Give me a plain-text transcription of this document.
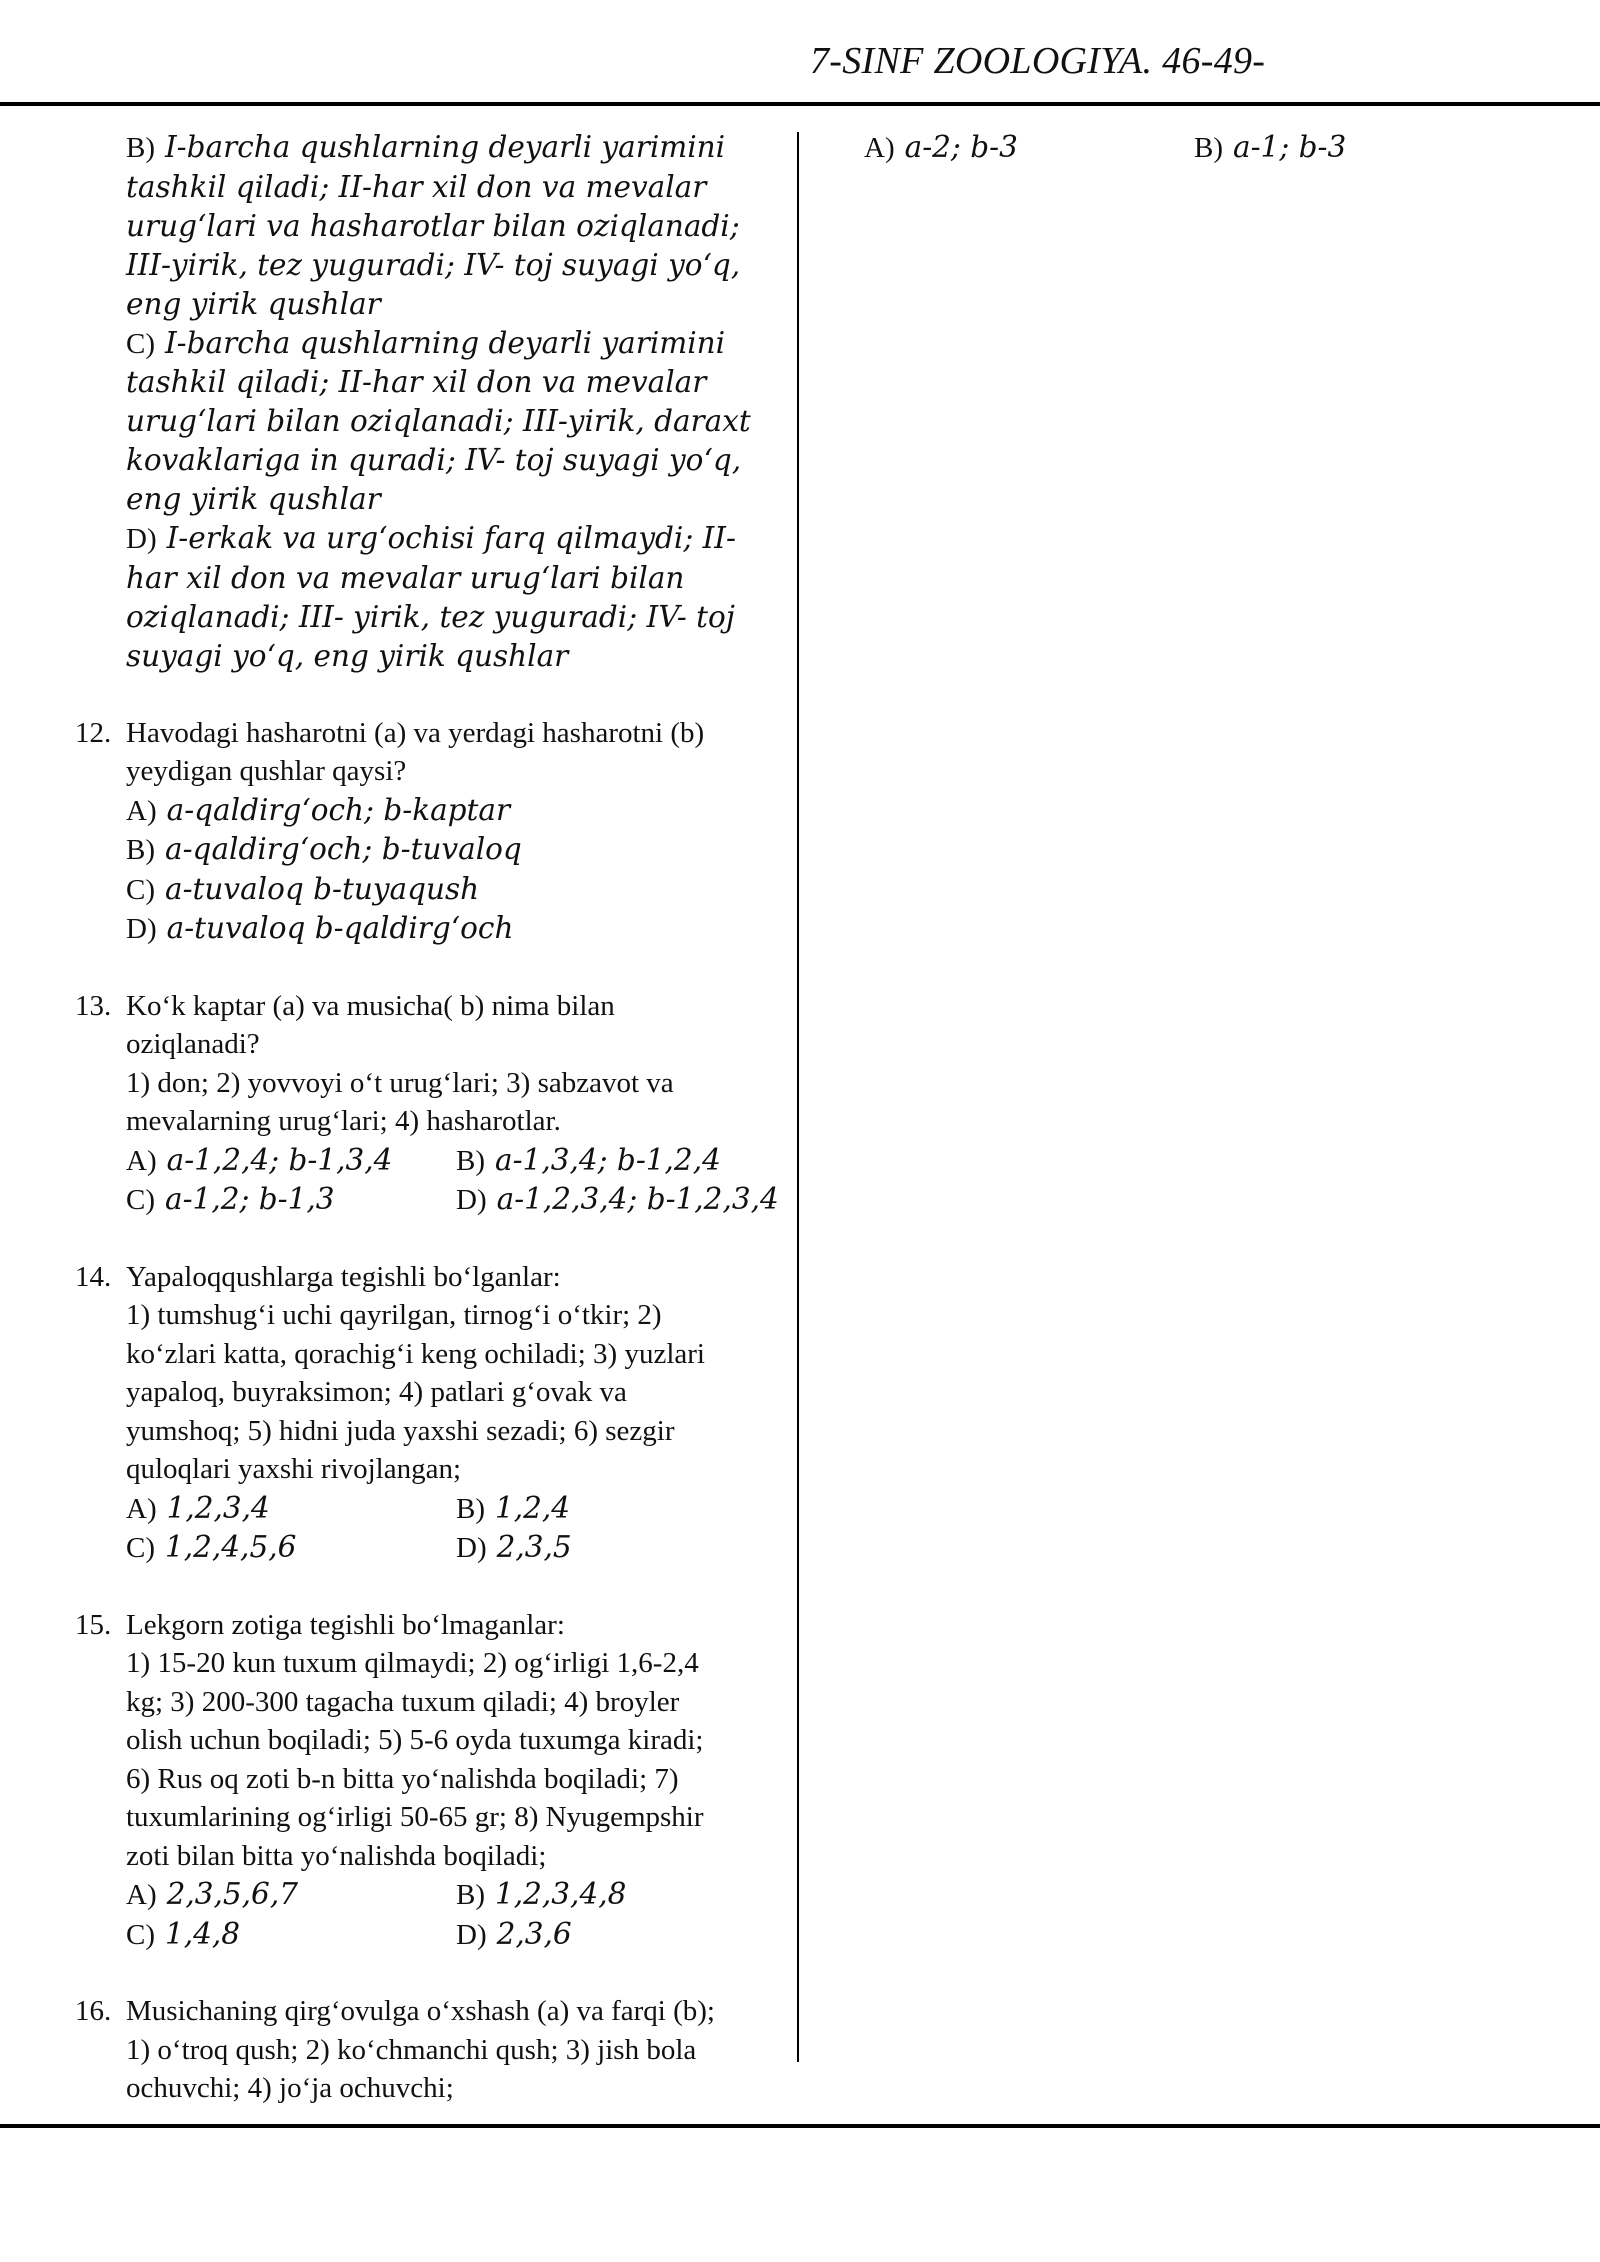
7-SINF ZOOLOGIYA. 46-49-
B) I-barcha qushlarning deyarli yarimini
tashkil qiladi; II-har xil don va mevalar
urug‘lari va hasharotlar bilan oziqlanadi;
III-yirik, tez yuguradi; IV- toj suyagi yo‘q,
eng yirik qushlar
C) I-barcha qushlarning deyarli yarimini
tashkil qiladi; II-har xil don va mevalar
urug‘lari bilan oziqlanadi; III-yirik, daraxt
kovaklariga in quradi; IV- toj suyagi yo‘q,
eng yirik qushlar
D) I-erkak va urg‘ochisi farq qilmaydi; II-
har xil don va mevalar urug‘lari bilan
oziqlanadi; III- yirik, tez yuguradi; IV- toj
suyagi yo‘q, eng yirik qushlar
12. Havodagi hasharotni (a) va yerdagi hasharotni (b)
yeydigan qushlar qaysi?
A) a-qaldirg‘och; b-kaptar
B) a-qaldirg‘och; b-tuvaloq
C) a-tuvaloq b-tuyaqush
D) a-tuvaloq b-qaldirg‘och
13. Ko‘k kaptar (a) va musicha( b) nima bilan
oziqlanadi?
1) don; 2) yovvoyi o‘t urug‘lari; 3) sabzavot va
mevalarning urug‘lari; 4) hasharotlar.
A) a-1,2,4; b-1,3,4 B) a-1,3,4; b-1,2,4
C) a-1,2; b-1,3	D) a-1,2,3,4; b-1,2,3,4
14. Yapaloqqushlarga tegishli bo‘lganlar:
1) tumshug‘i uchi qayrilgan, tirnog‘i o‘tkir; 2)
ko‘zlari katta, qorachig‘i keng ochiladi; 3) yuzlari
yapaloq, buyraksimon; 4) patlari g‘ovak va
yumshoq; 5) hidni juda yaxshi sezadi; 6) sezgir
quloqlari yaxshi rivojlangan;
A) 1,2,3,4	B) 1,2,4
C) 1,2,4,5,6	D) 2,3,5
15. Lekgorn zotiga tegishli bo‘lmaganlar:
1) 15-20 kun tuxum qilmaydi; 2) og‘irligi 1,6-2,4
kg; 3) 200-300 tagacha tuxum qiladi; 4) broyler
olish uchun boqiladi; 5) 5-6 oyda tuxumga kiradi;
6) Rus oq zoti b-n bitta yo‘nalishda boqiladi; 7)
tuxumlarining og‘irligi 50-65 gr; 8) Nyugempshir
zoti bilan bitta yo‘nalishda boqiladi;
A) 2,3,5,6,7	B) 1,2,3,4,8
C) 1,4,8	D) 2,3,6
16. Musichaning qirg‘ovulga o‘xshash (a) va farqi (b);
1) o‘troq qush; 2) ko‘chmanchi qush; 3) jish bola
ochuvchi; 4) jo‘ja ochuvchi;
A) a-2; b-3	B) a-1; b-3
